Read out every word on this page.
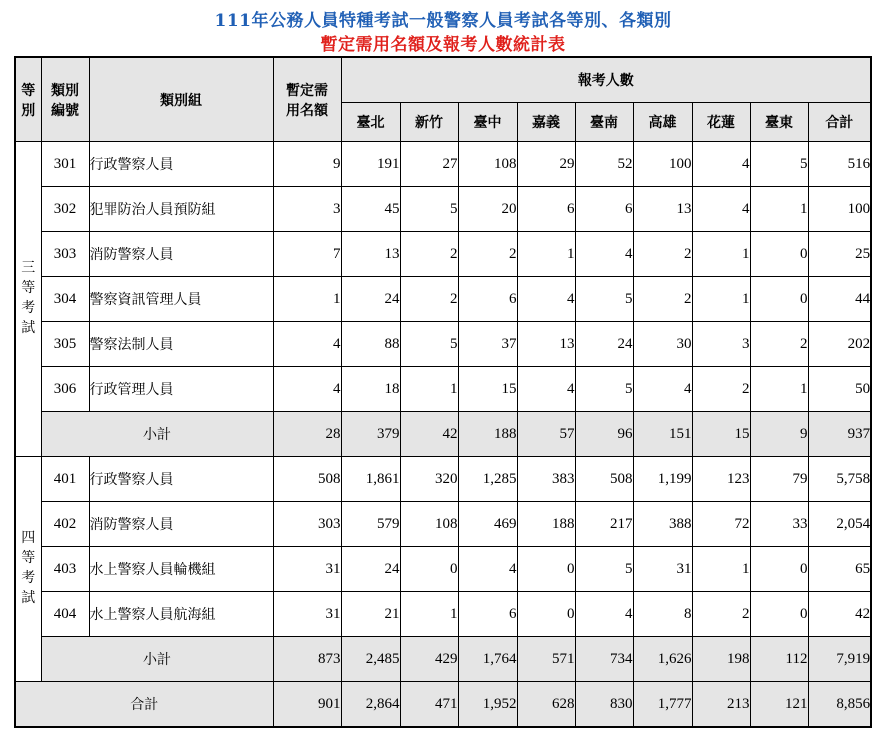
111年公務人員特種考試一般警察人員考試各等別、各類別
暫定需用名額及報考人數統計表
等別	類別編號	類別組	暫定需用名額	報考人數								
				臺北	新竹	臺中	嘉義	臺南	高雄	花蓮	臺東	合計
三等考試	301	行政警察人員	9	191	27	108	29	52	100	4	5	516
	302	犯罪防治人員預防組	3	45	5	20	6	6	13	4	1	100
	303	消防警察人員	7	13	2	2	1	4	2	1	0	25
	304	警察資訊管理人員	1	24	2	6	4	5	2	1	0	44
	305	警察法制人員	4	88	5	37	13	24	30	3	2	202
	306	行政管理人員	4	18	1	15	4	5	4	2	1	50
	小計		28	379	42	188	57	96	151	15	9	937
四等考試	401	行政警察人員	508	1,861	320	1,285	383	508	1,199	123	79	5,758
	402	消防警察人員	303	579	108	469	188	217	388	72	33	2,054
	403	水上警察人員輪機組	31	24	0	4	0	5	31	1	0	65
	404	水上警察人員航海組	31	21	1	6	0	4	8	2	0	42
	小計		873	2,485	429	1,764	571	734	1,626	198	112	7,919
合計			901	2,864	471	1,952	628	830	1,777	213	121	8,856
